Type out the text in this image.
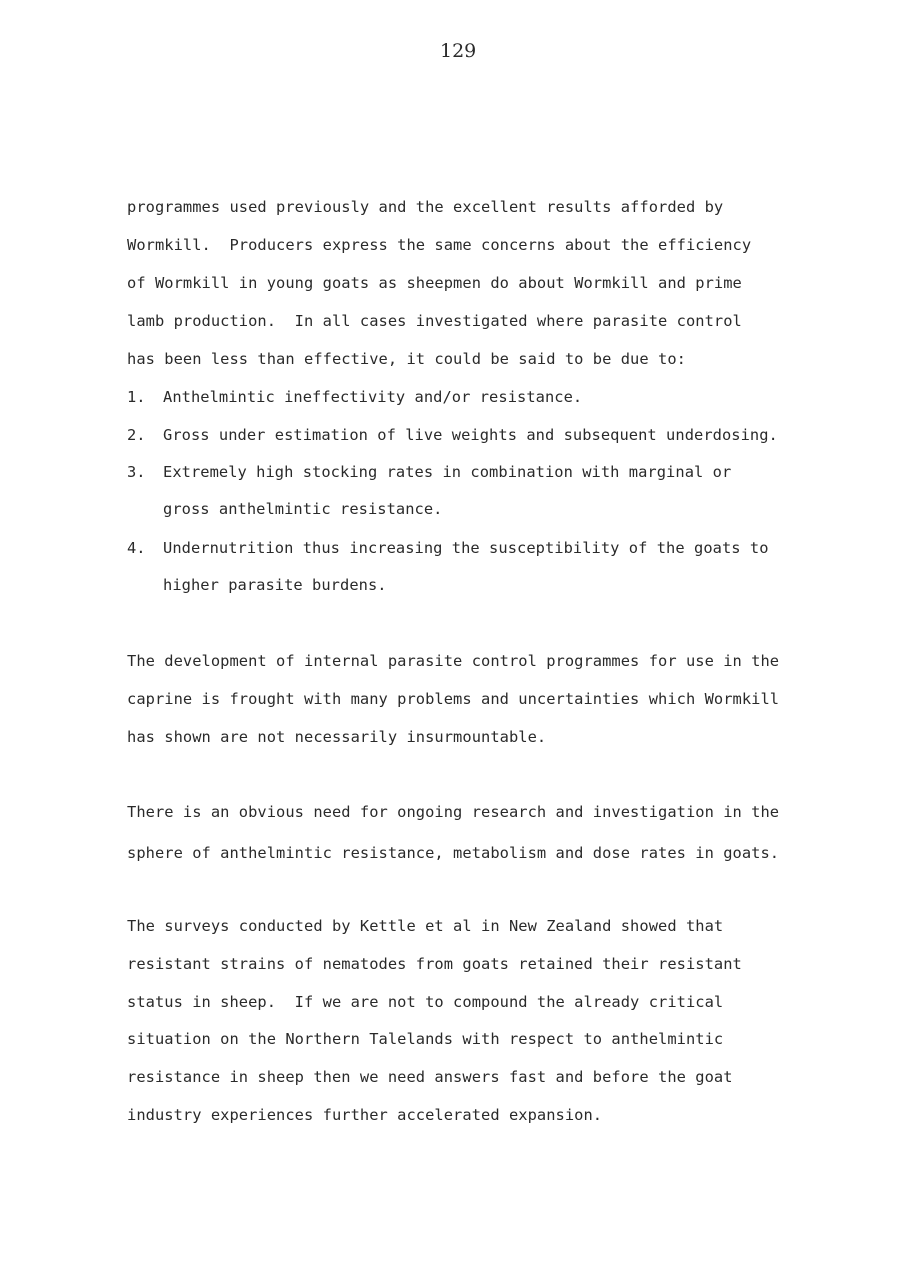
129
programmes used previously and the excellent results afforded by
Wormkill.  Producers express the same concerns about the efficiency
of Wormkill in young goats as sheepmen do about Wormkill and prime
lamb production.  In all cases investigated where parasite control
has been less than effective, it could be said to be due to:
1. Anthelmintic ineffectivity and/or resistance.
2. Gross under estimation of live weights and subsequent underdosing.
3. Extremely high stocking rates in combination with marginal or
gross anthelmintic resistance.
4. Undernutrition thus increasing the susceptibility of the goats to
higher parasite burdens.
The development of internal parasite control programmes for use in the
caprine is frought with many problems and uncertainties which Wormkill
has shown are not necessarily insurmountable.
There is an obvious need for ongoing research and investigation in the
sphere of anthelmintic resistance, metabolism and dose rates in goats.
The surveys conducted by Kettle et al in New Zealand showed that
resistant strains of nematodes from goats retained their resistant
status in sheep.  If we are not to compound the already critical
situation on the Northern Talelands with respect to anthelmintic
resistance in sheep then we need answers fast and before the goat
industry experiences further accelerated expansion.
